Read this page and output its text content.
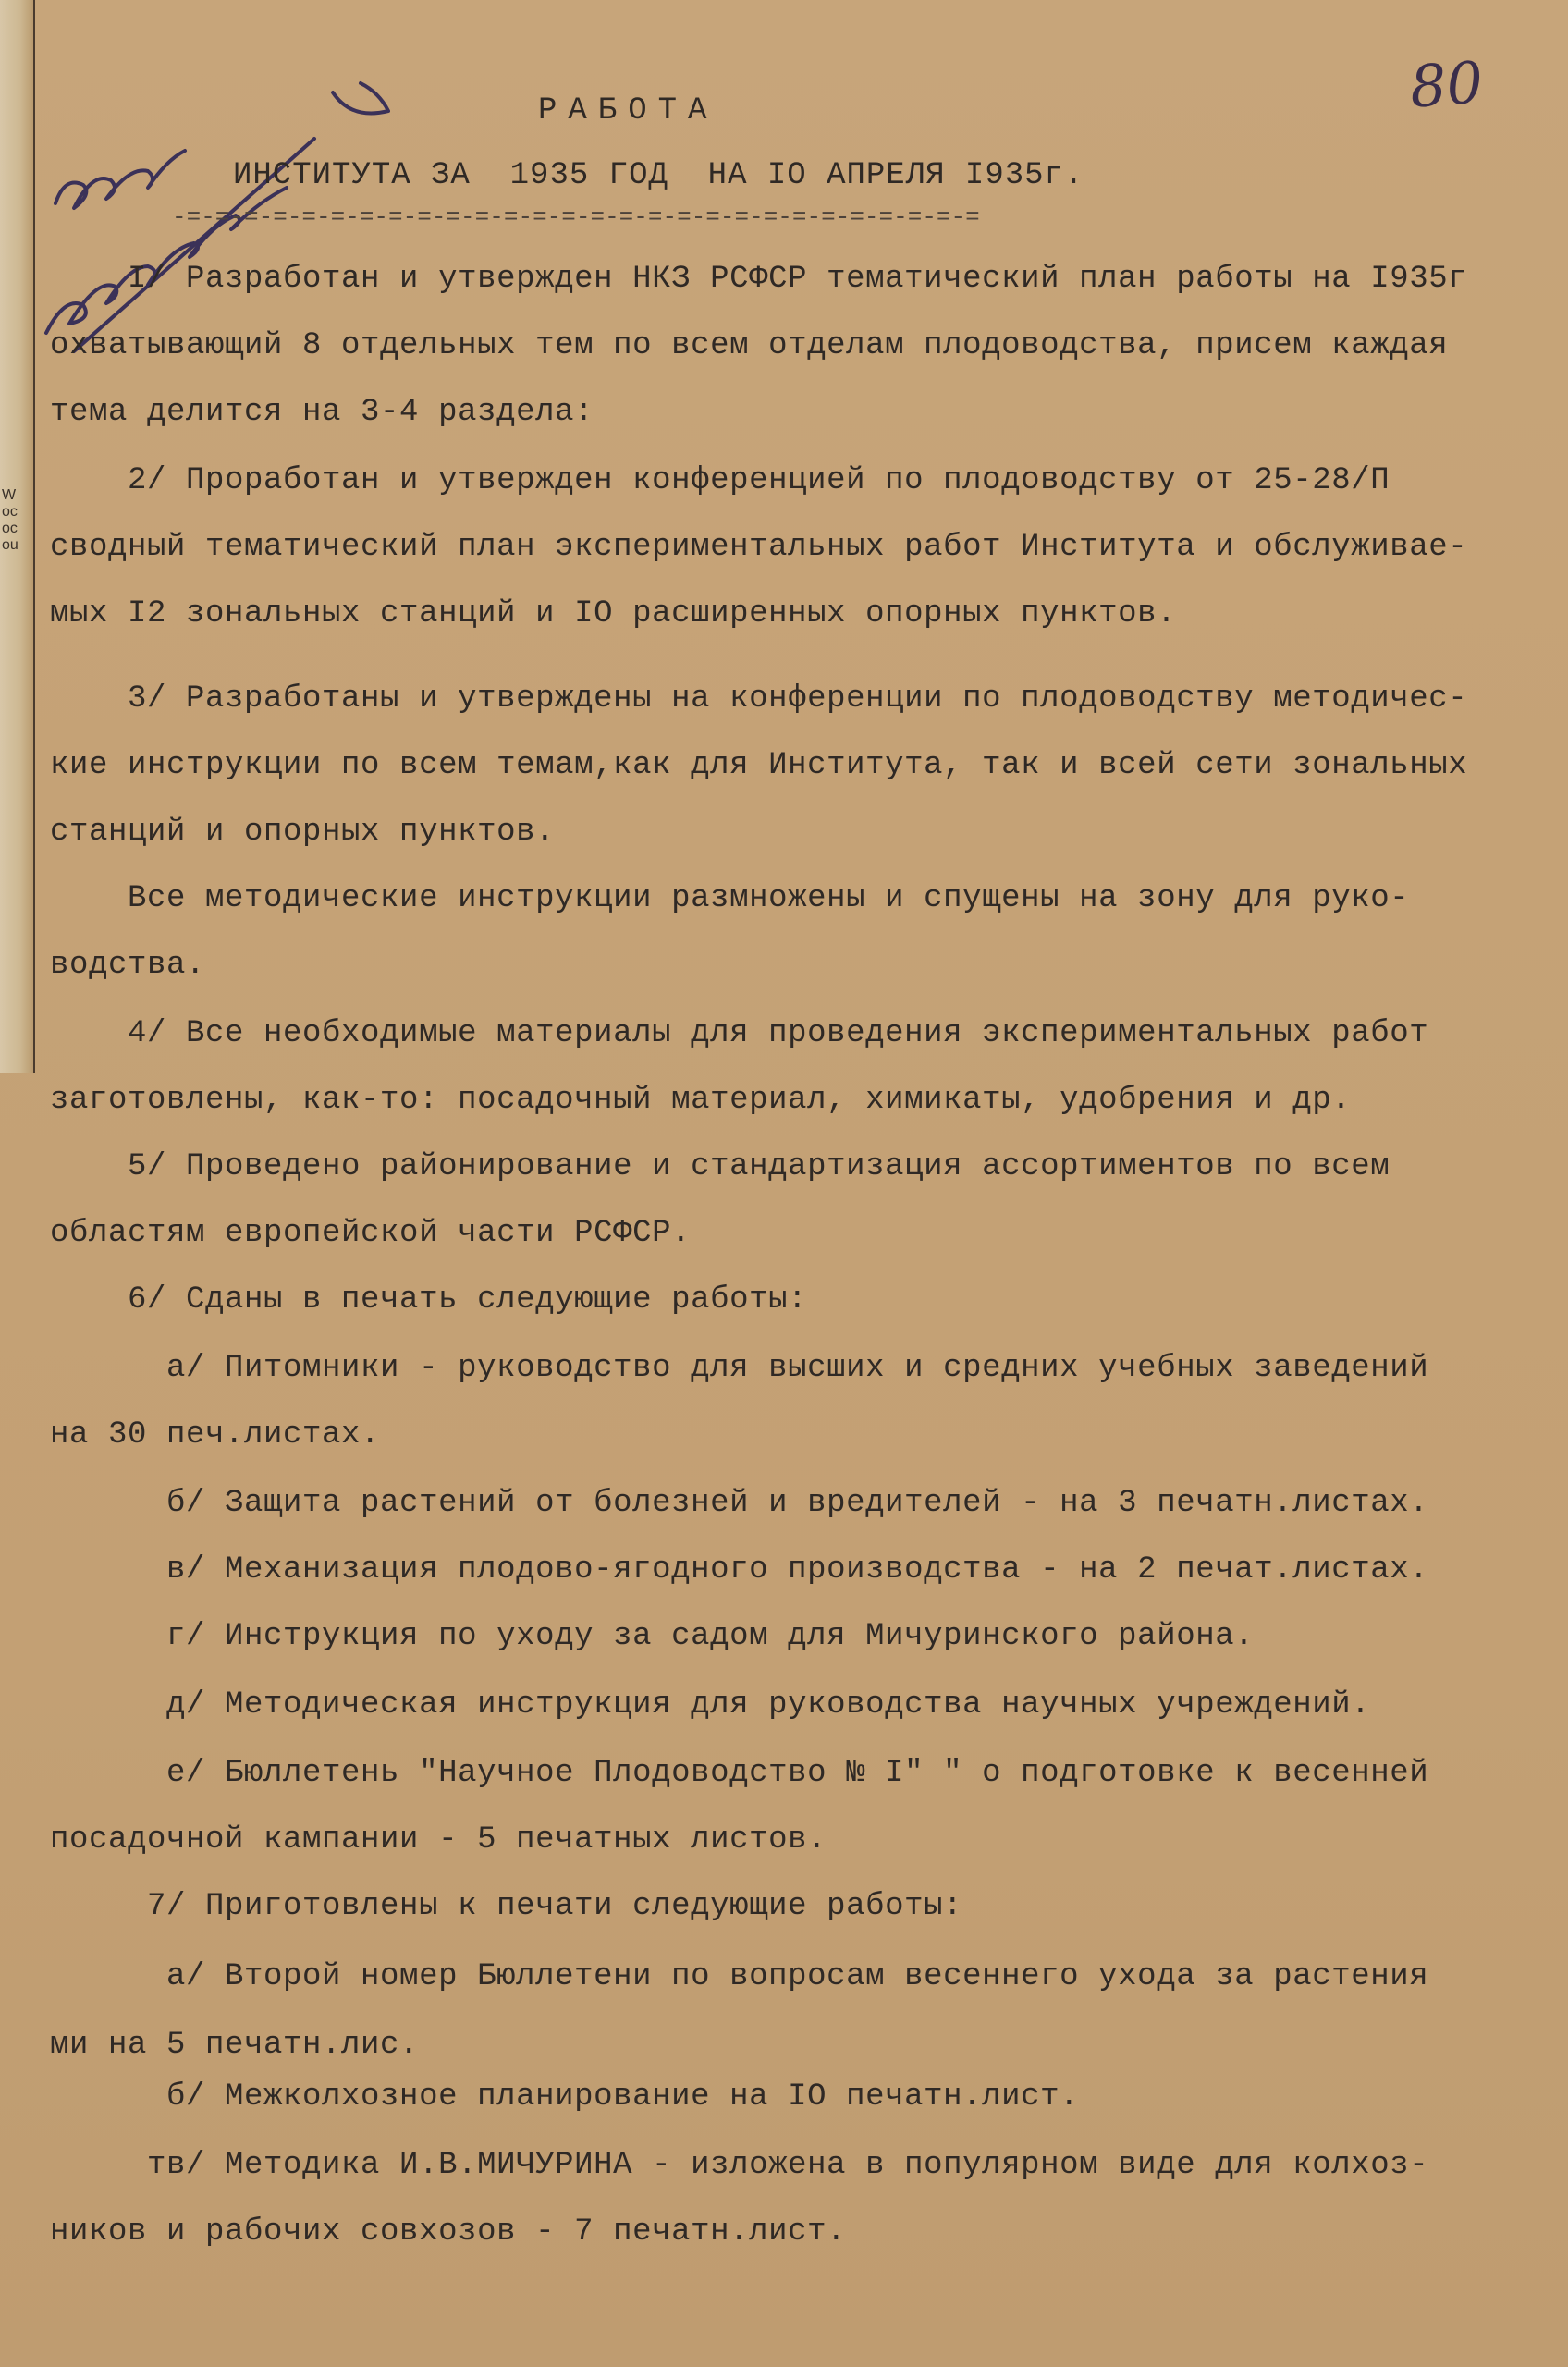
W
oc
oc
ou
80
РАБОТА
ИНСТИТУТА ЗА  1935 ГОД  НА IO АПРЕЛЯ I935г.
-=-=-=-=-=-=-=-=-=-=-=-=-=-=-=-=-=-=-=-=-=-=-=-=-=-=-=-=
I/ Разработан и утвержден НКЗ РСФСР тематический план работы на I935г
охватывающий 8 отдельных тем по всем отделам плодоводства, присем каждая
тема делится на 3-4 раздела:
2/ Проработан и утвержден конференцией по плодоводству от 25-28/П
сводный тематический план экспериментальных работ Института и обслуживае-
мых I2 зональных станций и IO расширенных опорных пунктов.
3/ Разработаны и утверждены на конференции по плодоводству методичес-
кие инструкции по всем темам,как для Института, так и всей сети зональных
станций и опорных пунктов.
Все методические инструкции размножены и спущены на зону для руко-
водства.
4/ Все необходимые материалы для проведения экспериментальных работ
заготовлены, как-то: посадочный материал, химикаты, удобрения и др.
5/ Проведено районирование и стандартизация ассортиментов по всем
областям европейской части РСФСР.
6/ Сданы в печать следующие работы:
а/ Питомники - руководство для высших и средних учебных заведений
на 30 печ.листах.
б/ Защита растений от болезней и вредителей - на 3 печатн.листах.
в/ Механизация плодово-ягодного производства - на 2 печат.листах.
г/ Инструкция по уходу за садом для Мичуринского района.
д/ Методическая инструкция для руководства научных учреждений.
е/ Бюллетень "Научное Плодоводство № I" " о подготовке к весенней
посадочной кампании - 5 печатных листов.
7/ Приготовлены к печати следующие работы:
а/ Второй номер Бюллетени по вопросам весеннего ухода за растения
ми на 5 печатн.лис.
б/ Межколхозное планирование на IO печатн.лист.
тв/ Методика И.В.МИЧУРИНА - изложена в популярном виде для колхоз-
ников и рабочих совхозов - 7 печатн.лист.
